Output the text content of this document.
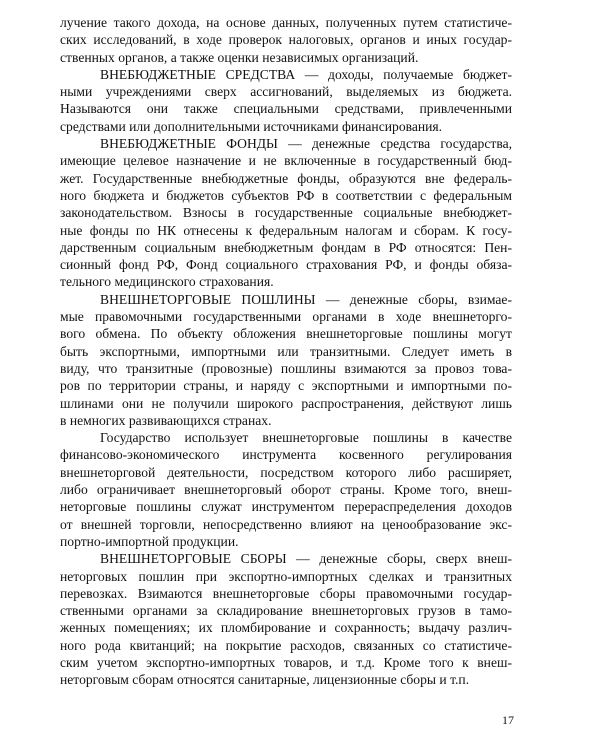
лучение такого дохода, на основе данных, полученных путем статистиче-
ских исследований, в ходе проверок налоговых, органов и иных государ-
ственных органов, а также оценки независимых организаций.
ВНЕБЮДЖЕТНЫЕ СРЕДСТВА — доходы, получаемые бюджет-
ными учреждениями сверх ассигнований, выделяемых из бюджета.
Называются они также специальными средствами, привлеченными
средствами или дополнительными источниками финансирования.
ВНЕБЮДЖЕТНЫЕ ФОНДЫ — денежные средства государства,
имеющие целевое назначение и не включенные в государственный бюд-
жет. Государственные внебюджетные фонды, образуются вне федераль-
ного бюджета и бюджетов субъектов РФ в соответствии с федеральным
законодательством. Взносы в государственные социальные внебюджет-
ные фонды по НК отнесены к федеральным налогам и сборам. К госу-
дарственным социальным внебюджетным фондам в РФ относятся: Пен-
сионный фонд РФ, Фонд социального страхования РФ, и фонды обяза-
тельного медицинского страхования.
ВНЕШНЕТОРГОВЫЕ ПОШЛИНЫ — денежные сборы, взимае-
мые правомочными государственными органами в ходе внешнеторго-
вого обмена. По объекту обложения внешнеторговые пошлины могут
быть экспортными, импортными или транзитными. Следует иметь в
виду, что транзитные (провозные) пошлины взимаются за провоз това-
ров по территории страны, и наряду с экспортными и импортными по-
шлинами они не получили широкого распространения, действуют лишь
в немногих развивающихся странах.
Государство использует внешнеторговые пошлины в качестве
финансово-экономического инструмента косвенного регулирования
внешнеторговой деятельности, посредством которого либо расширяет,
либо ограничивает внешнеторговый оборот страны. Кроме того, внеш-
неторговые пошлины служат инструментом перераспределения доходов
от внешней торговли, непосредственно влияют на ценообразование экс-
портно-импортной продукции.
ВНЕШНЕТОРГОВЫЕ СБОРЫ — денежные сборы, сверх внеш-
неторговых пошлин при экспортно-импортных сделках и транзитных
перевозках. Взимаются внешнеторговые сборы правомочными государ-
ственными органами за складирование внешнеторговых грузов в тамо-
женных помещениях; их пломбирование и сохранность; выдачу различ-
ного рода квитанций; на покрытие расходов, связанных со статистиче-
ским учетом экспортно-импортных товаров, и т.д. Кроме того к внеш-
неторговым сборам относятся санитарные, лицензионные сборы и т.п.
17
